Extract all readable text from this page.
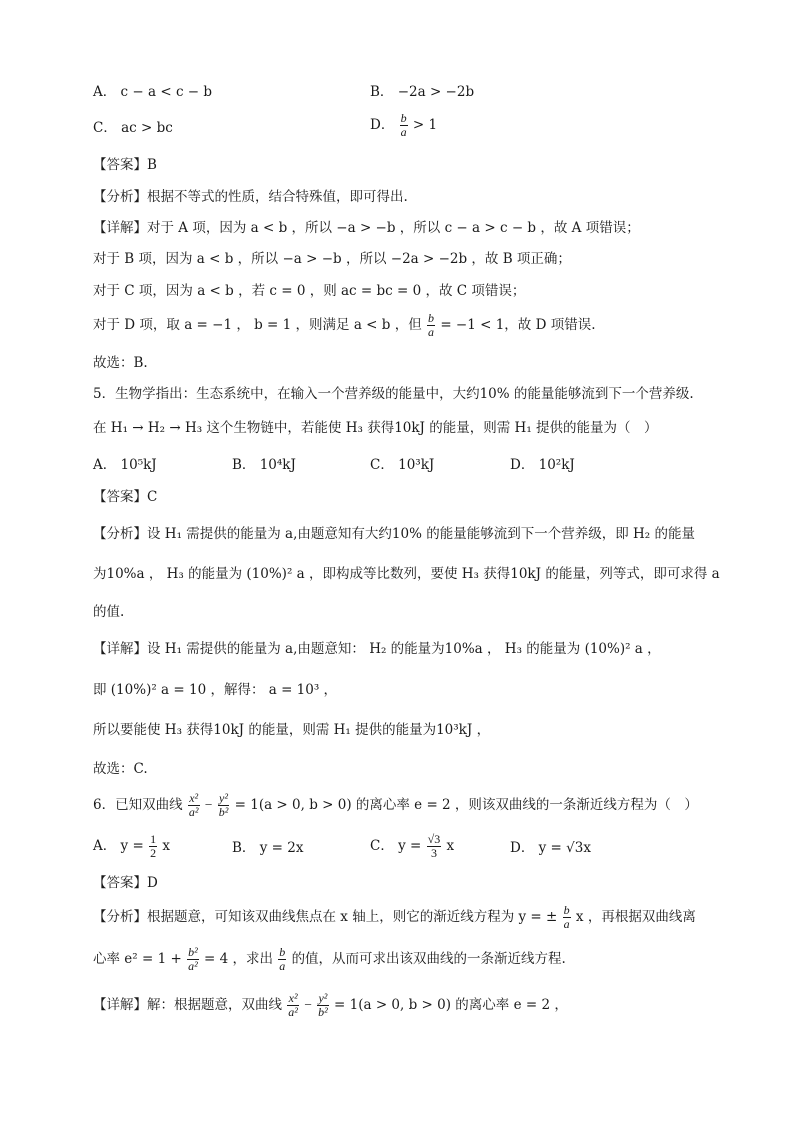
A． c − a < c − b	B． −2a > −2b
C． ac > bc	D． $\frac{b}{a} > 1$
【答案】B
【分析】根据不等式的性质，结合特殊值，即可得出.
【详解】对于 A 项，因为 a < b ，所以 −a > −b ，所以 c − a > c − b ，故 A 项错误；
对于 B 项，因为 a < b ，所以 −a > −b ，所以 −2a > −2b ，故 B 项正确；
对于 C 项，因为 a < b ，若 c = 0 ，则 ac = bc = 0 ，故 C 项错误；
对于 D 项，取 a = −1 ， b = 1 ，则满足 a < b ，但 $\frac{b}{a} = -1 < 1$，故 D 项错误.
故选：B.
5．生物学指出：生态系统中，在输入一个营养级的能量中，大约10% 的能量能够流到下一个营养级.
在 H₁ → H₂ → H₃ 这个生物链中，若能使 H₃ 获得10kJ 的能量，则需 H₁ 提供的能量为（　）
A． 10⁵kJ	B． 10⁴kJ	C． 10³kJ	D． 10²kJ
【答案】C
【分析】设 H₁ 需提供的能量为 a,由题意知有大约10% 的能量能够流到下一个营养级，即 H₂ 的能量
为10%a ， H₃ 的能量为 (10%)² a ，即构成等比数列，要使 H₃ 获得10kJ 的能量，列等式，即可求得 a
的值.
【详解】设 H₁ 需提供的能量为 a,由题意知： H₂ 的能量为10%a ， H₃ 的能量为 (10%)² a ，
即 (10%)² a = 10 ，解得： a = 10³ ，
所以要能使 H₃ 获得10kJ 的能量，则需 H₁ 提供的能量为10³kJ ，
故选：C.
6．已知双曲线 $\frac{\text{x²}}{\text{a²}} - \frac{\text{y²}}{\text{b²}} = 1(a > 0$, b > 0) 的离心率 e = 2 ，则该双曲线的一条渐近线方程为（　）
A． $y = \frac{1}{2}$ x	B． y = 2x	C． $y = \frac{√3}{3}$ x	D． y = √3x
【答案】D
【分析】根据题意，可知该双曲线焦点在 x 轴上，则它的渐近线方程为 y = ± $\frac{b}{a}$ x ，再根据双曲线离
心率 $e^2 = 1 + \frac{\text{b²}}{\text{a²}} = 4$ ，求出 $\frac{b}{a}$ 的值，从而可求出该双曲线的一条渐近线方程.
【详解】解：根据题意，双曲线 $\frac{\text{x²}}{\text{a²}} - \frac{\text{y²}}{\text{b²}} = 1(a > 0$, b > 0) 的离心率 e = 2 ，
